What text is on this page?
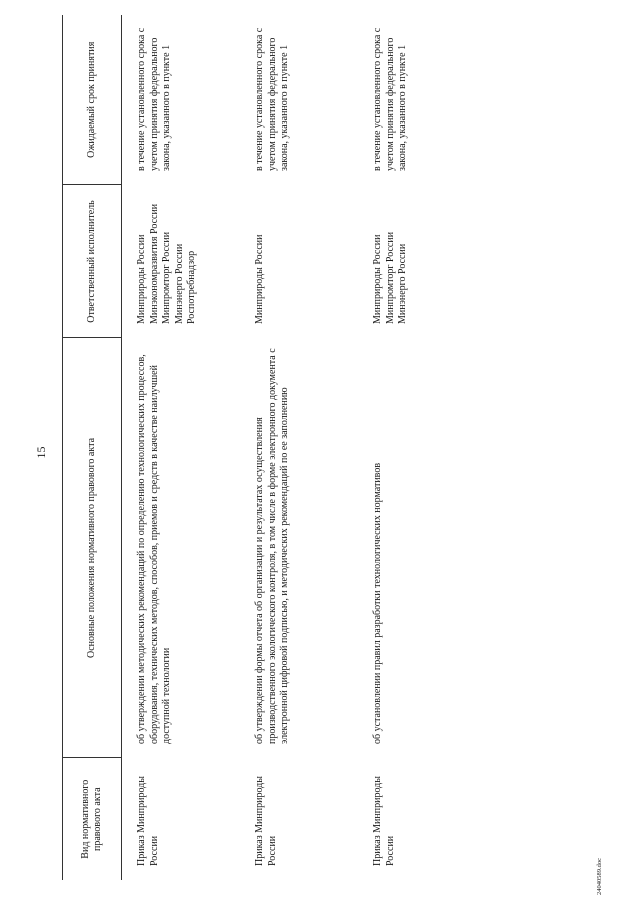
15
Вид нормативного правового акта	Основные положения нормативного правового акта	Ответственный исполнитель	Ожидаемый срок принятия
Приказ Минприроды России	об утверждении методических рекомендаций по определению технологических процессов, оборудования, технических методов, способов, приемов и средств в качестве наилучшей доступной технологии	Минприроды России Минэкономразвития России Минпромторг России Минэнерго России Роспотребнадзор	в течение установленного срока с учетом принятия федерального закона, указанного в пункте 1
Приказ Минприроды России	об утверждении формы отчета об организации и результатах осуществления производственного экологического контроля, в том числе в форме электронного документа с электронной цифровой подписью, и методических рекомендаций по ее заполнению	Минприроды России	в течение установленного срока с учетом принятия федерального закона, указанного в пункте 1
Приказ Минприроды России	об установлении правил разработки технологических нормативов	Минприроды России Минпромторг России Минэнерго России	в течение установленного срока с учетом принятия федерального закона, указанного в пункте 1
24040589.doc
